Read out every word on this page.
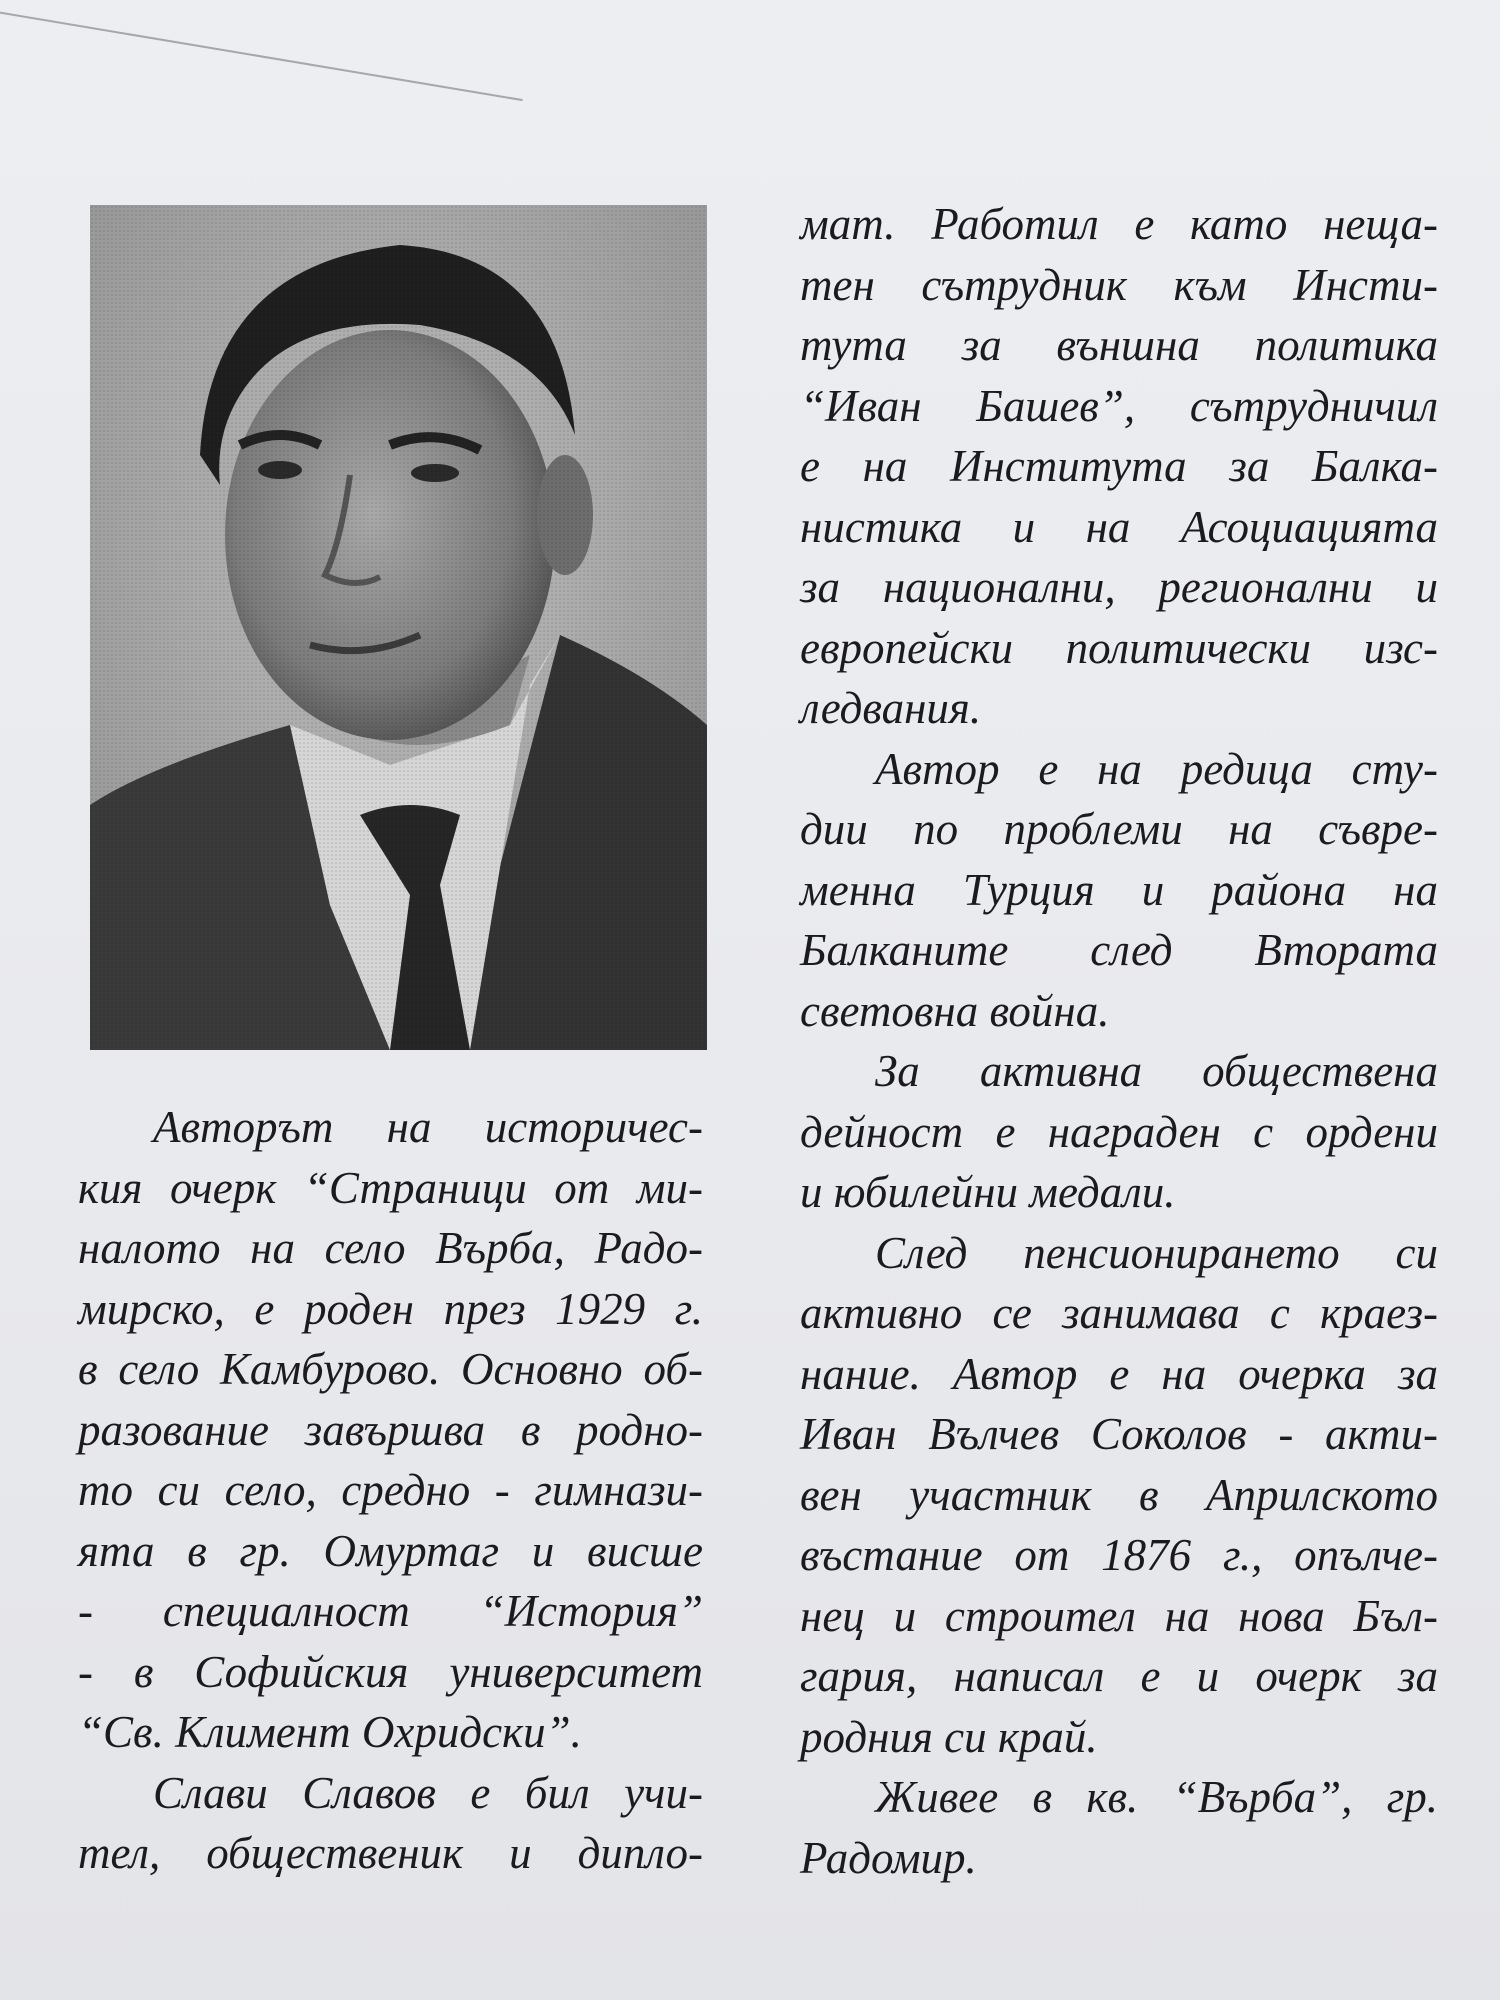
Авторът на историчес-
кия очерк “Страници от ми-
налото на село Върба, Радо-
мирско, е роден през 1929 г.
в село Камбурово. Основно об-
разование завършва в родно-
то си село, средно - гимнази-
ята в гр. Омуртаг и висше
- специалност “История”
- в Софийския университет
“Св. Климент Охридски”.
Слави Славов е бил учи-
тел, общественик и дипло-
мат. Работил е като неща-
тен сътрудник към Инсти-
тута за външна политика
“Иван Башев”, сътрудничил
е на Института за Балка-
нистика и на Асоциацията
за национални, регионални и
европейски политически изс-
ледвания.
Автор е на редица сту-
дии по проблеми на съвре-
менна Турция и района на
Балканите след Втората
световна война.
За активна обществена
дейност е награден с ордени
и юбилейни медали.
След пенсионирането си
активно се занимава с краез-
нание. Автор е на очерка за
Иван Вълчев Соколов - акти-
вен участник в Априлското
въстание от 1876 г., опълче-
нец и строител на нова Бъл-
гария, написал е и очерк за
родния си край.
Живее в кв. “Върба”, гр.
Радомир.
